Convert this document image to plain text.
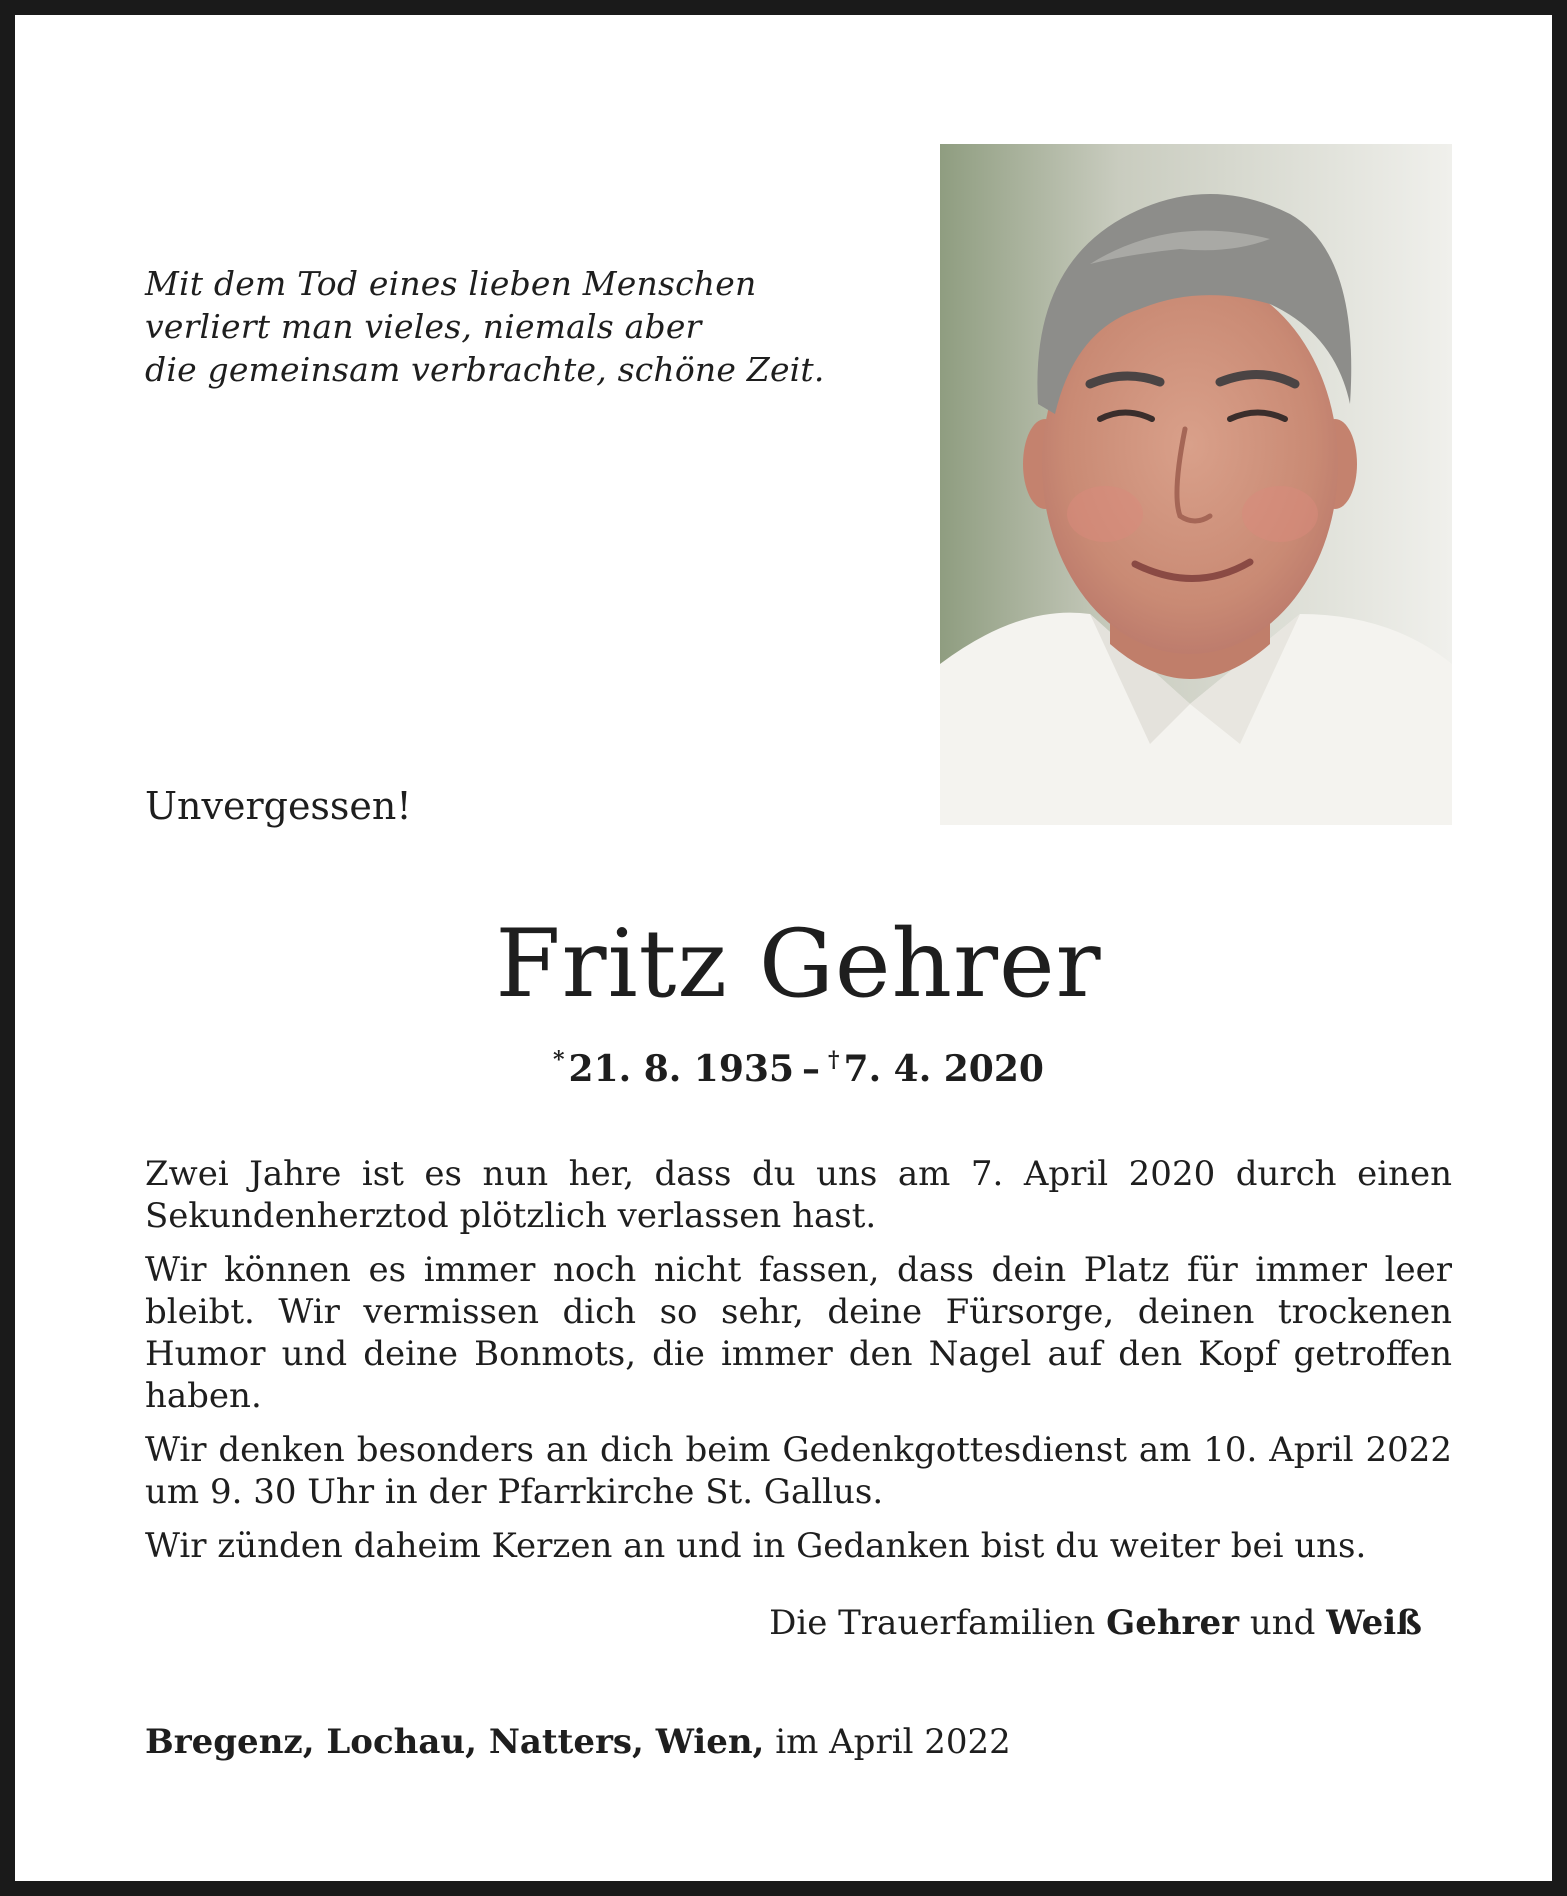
Mit dem Tod eines lieben Menschen
verliert man vieles, niemals aber
die gemeinsam verbrachte, schöne Zeit.
Unvergessen!
Fritz Gehrer
* 21. 8. 1935 – † 7. 4. 2020

Zwei Jahre ist es nun her, dass du uns am 7. April 2020 durch einen Sekundenherztod plötzlich verlassen hast.

Wir können es immer noch nicht fassen, dass dein Platz für immer leer bleibt. Wir vermissen dich so sehr, deine Fürsorge, deinen trockenen Humor und deine Bonmots, die immer den Nagel auf den Kopf getroffen haben.

Wir denken besonders an dich beim Gedenkgottesdienst am 10. April 2022 um 9. 30 Uhr in der Pfarrkirche St. Gallus.

Wir zünden daheim Kerzen an und in Gedanken bist du weiter bei uns.

Die Trauerfamilien Gehrer und Weiß
Bregenz, Lochau, Natters, Wien, im April 2022
